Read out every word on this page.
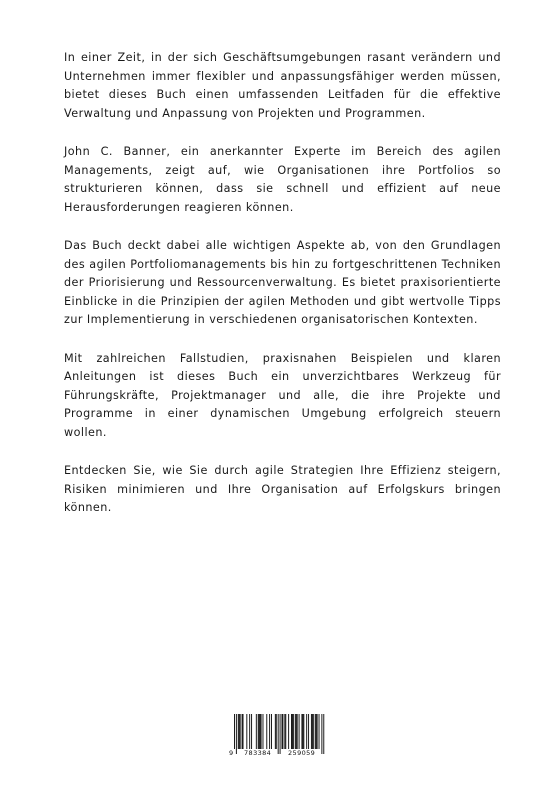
In einer Zeit, in der sich Geschäftsumgebungen rasant verändern und Unternehmen immer flexibler und anpassungsfähiger werden müssen, bietet dieses Buch einen umfassenden Leitfaden für die effektive Verwaltung und Anpassung von Projekten und Programmen.

John C. Banner, ein anerkannter Experte im Bereich des agilen Managements, zeigt auf, wie Organisationen ihre Portfolios so strukturieren können, dass sie schnell und effizient auf neue Herausforderungen reagieren können.

Das Buch deckt dabei alle wichtigen Aspekte ab, von den Grundlagen des agilen Portfoliomanagements bis hin zu fortgeschrittenen Techniken der Priorisierung und Ressourcenverwaltung. Es bietet praxisorientierte Einblicke in die Prinzipien der agilen Methoden und gibt wertvolle Tipps zur Implementierung in verschiedenen organisatorischen Kontexten.

Mit zahlreichen Fallstudien, praxisnahen Beispielen und klaren Anleitungen ist dieses Buch ein unverzichtbares Werkzeug für Führungskräfte, Projektmanager und alle, die ihre Projekte und Programme in einer dynamischen Umgebung erfolgreich steuern wollen.

Entdecken Sie, wie Sie durch agile Strategien Ihre Effizienz steigern, Risiken minimieren und Ihre Organisation auf Erfolgskurs bringen können.

9 783384	259059
